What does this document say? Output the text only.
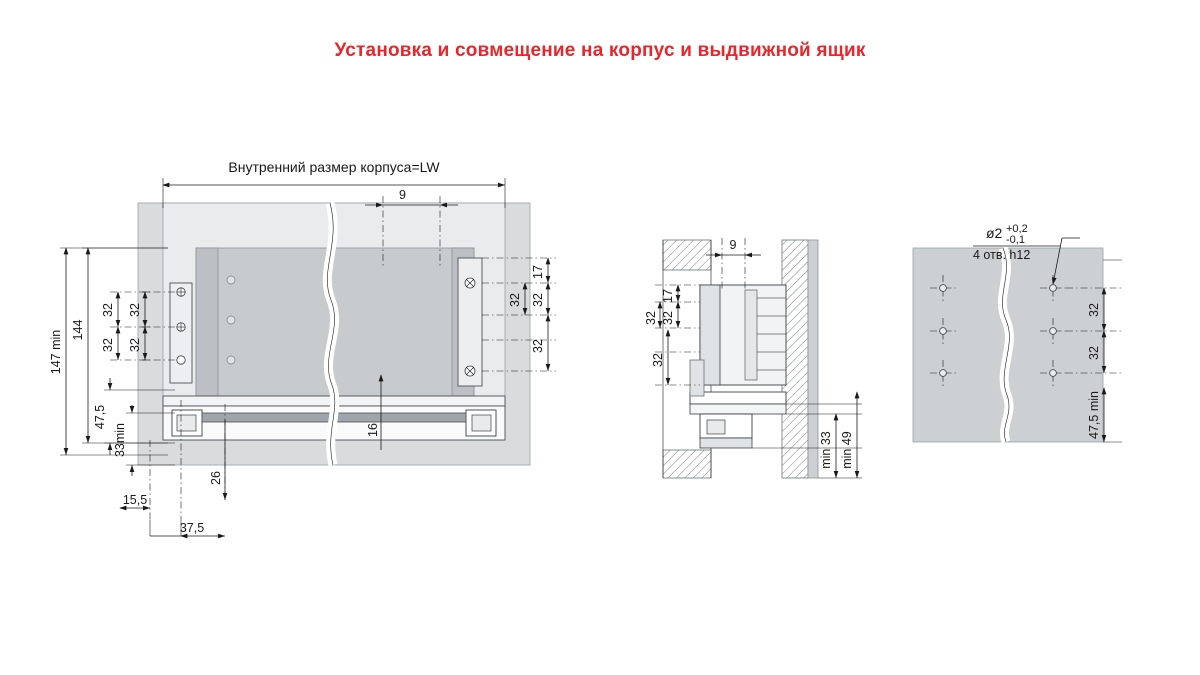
Установка и совмещение на корпус и выдвижной ящик
Внутренний размер корпуса=LW
9
147 min 144
47,5
33min
32
32
32
32
15,5
37,5
26
16
17
32
32
32
9
17
32
32
32
min 33 min 49
ø2 +0,2
-0,1
4 отв. h12
32
32
47,5 min
